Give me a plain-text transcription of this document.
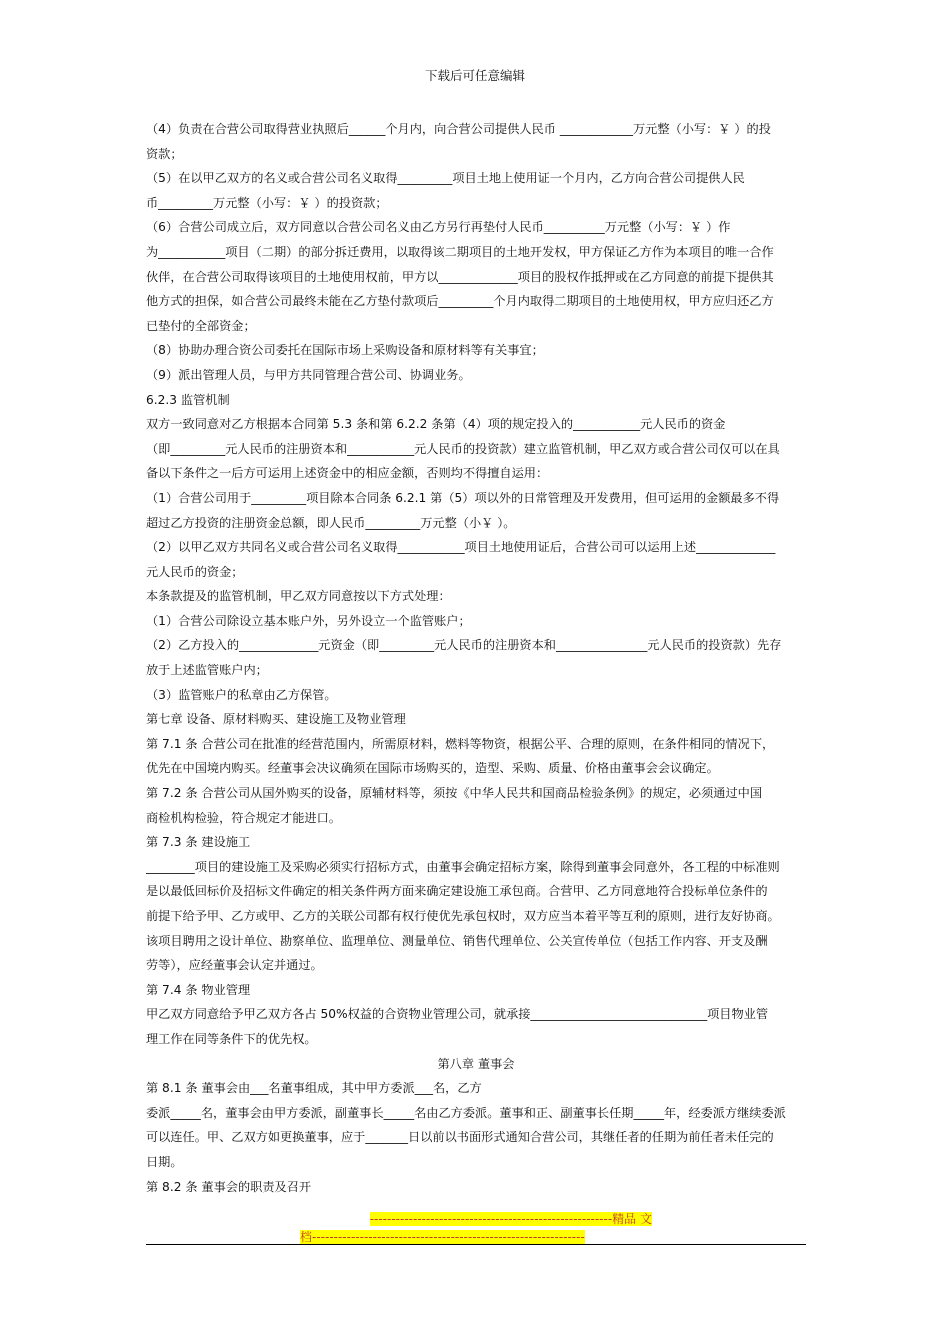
下载后可任意编辑
（4）负责在合营公司取得营业执照后______个月内，向合营公司提供人民币 ____________万元整（小写：￥ ）的投
资款；
（5）在以甲乙双方的名义或合营公司名义取得_________项目土地上使用证一个月内，乙方向合营公司提供人民
币_________万元整（小写：￥ ）的投资款；
（6）合营公司成立后，双方同意以合营公司名义由乙方另行再垫付人民币__________万元整（小写：￥ ）作
为___________项目（二期）的部分拆迁费用，以取得该二期项目的土地开发权，甲方保证乙方作为本项目的唯一合作
伙伴，在合营公司取得该项目的土地使用权前，甲方以_____________项目的股权作抵押或在乙方同意的前提下提供其
他方式的担保，如合营公司最终未能在乙方垫付款项后_________个月内取得二期项目的土地使用权，甲方应归还乙方
已垫付的全部资金；
（8）协助办理合资公司委托在国际市场上采购设备和原材料等有关事宜；
（9）派出管理人员，与甲方共同管理合营公司、协调业务。
6.2.3 监管机制
双方一致同意对乙方根据本合同第 5.3 条和第 6.2.2 条第（4）项的规定投入的___________元人民币的资金
（即_________元人民币的注册资本和___________元人民币的投资款）建立监管机制，甲乙双方或合营公司仅可以在具
备以下条件之一后方可运用上述资金中的相应金额，否则均不得擅自运用：
（1）合营公司用于_________项目除本合同条 6.2.1 第（5）项以外的日常管理及开发费用，但可运用的金额最多不得
超过乙方投资的注册资金总额，即人民币_________万元整（小￥ ）。
（2）以甲乙双方共同名义或合营公司名义取得___________项目土地使用证后，合营公司可以运用上述_____________
元人民币的资金；
本条款提及的监管机制，甲乙双方同意按以下方式处理：
（1）合营公司除设立基本账户外，另外设立一个监管账户；
（2）乙方投入的_____________元资金（即_________元人民币的注册资本和_______________元人民币的投资款）先存
放于上述监管账户内；
（3）监管账户的私章由乙方保管。
第七章 设备、原材料购买、建设施工及物业管理
第 7.1 条 合营公司在批准的经营范围内，所需原材料，燃料等物资，根据公平、合理的原则，在条件相同的情况下，
优先在中国境内购买。经董事会决议确须在国际市场购买的，造型、采购、质量、价格由董事会会议确定。
第 7.2 条 合营公司从国外购买的设备，原辅材料等，须按《中华人民共和国商品检验条例》的规定，必须通过中国
商检机构检验，符合规定才能进口。
第 7.3 条 建设施工
________项目的建设施工及采购必须实行招标方式，由董事会确定招标方案，除得到董事会同意外，各工程的中标准则
是以最低回标价及招标文件确定的相关条件两方面来确定建设施工承包商。合营甲、乙方同意地符合投标单位条件的
前提下给予甲、乙方或甲、乙方的关联公司都有权行使优先承包权时，双方应当本着平等互利的原则，进行友好协商。
该项目聘用之设计单位、勘察单位、监理单位、测量单位、销售代理单位、公关宣传单位（包括工作内容、开支及酬
劳等），应经董事会认定并通过。
第 7.4 条 物业管理
甲乙双方同意给予甲乙双方各占 50%权益的合资物业管理公司，就承接_____________________________项目物业管
理工作在同等条件下的优先权。
第八章 董事会
第 8.1 条 董事会由___名董事组成，其中甲方委派___名，乙方
委派_____名，董事会由甲方委派，副董事长_____名由乙方委派。董事和正、副董事长任期_____年，经委派方继续委派
可以连任。甲、乙双方如更换董事，应于_______日以前以书面形式通知合营公司，其继任者的任期为前任者未任完的
日期。
第 8.2 条 董事会的职责及召开
--------------------------------------------------------精品 文
档---------------------------------------------------------------
